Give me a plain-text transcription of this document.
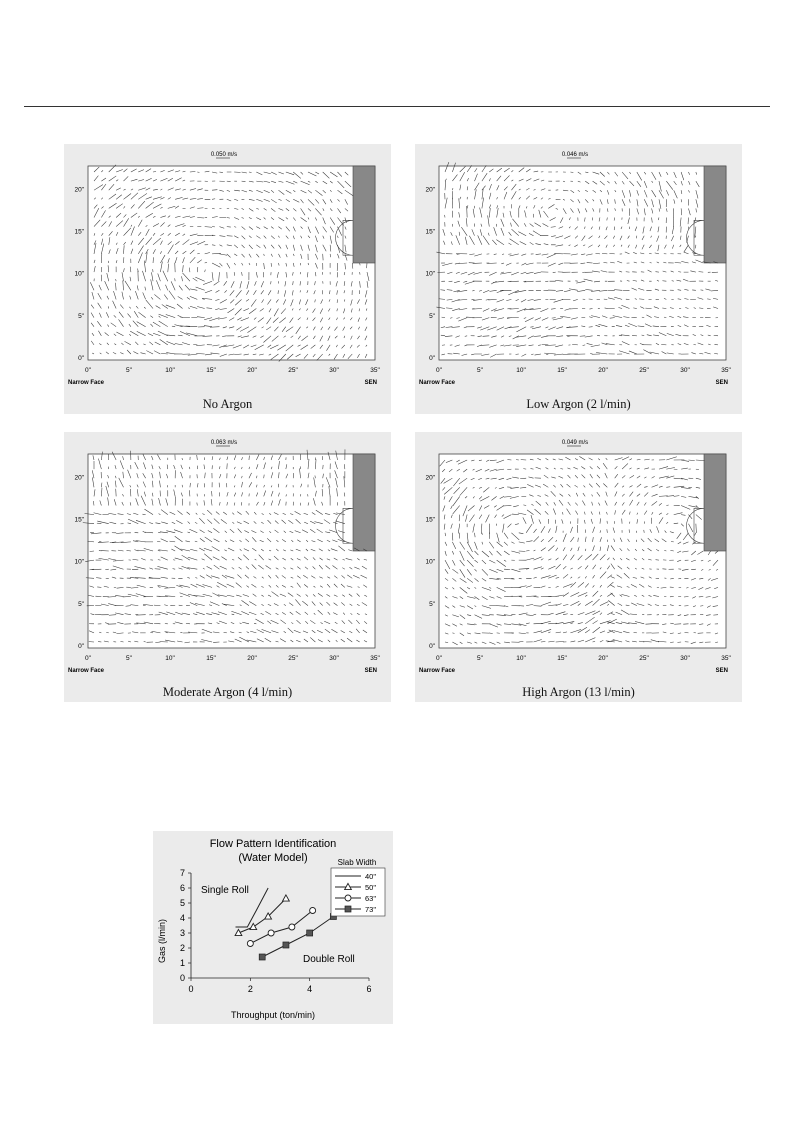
0.050 m/s
0"	5"	10"	15"	20"	25"	30"	35"
0"
5"
10"
15"
20"
Narrow Face	SEN
No Argon
0.046 m/s
0"	5"	10"	15"	20"	25"	30"	35"
0"
5"
10"
15"
20"
Narrow Face	SEN
Low Argon (2 l/min)
0.063 m/s
0"	5"	10"	15"	20"	25"	30"	35"
0"
5"
10"
15"
20"
Narrow Face	SEN
Moderate Argon (4 l/min)
0.049 m/s
0"	5"	10"	15"	20"	25"	30"	35"
0"
5"
10"
15"
20"
Narrow Face	SEN
High Argon (13 l/min)
Flow Pattern Identification
(Water Model)
Throughput (ton/min)
Gas (l/min)
Single Roll
Double Roll
0
1
2
3
4
5
6
7
0	2	4	6
Slab Width
40"
50"
63"
73"
